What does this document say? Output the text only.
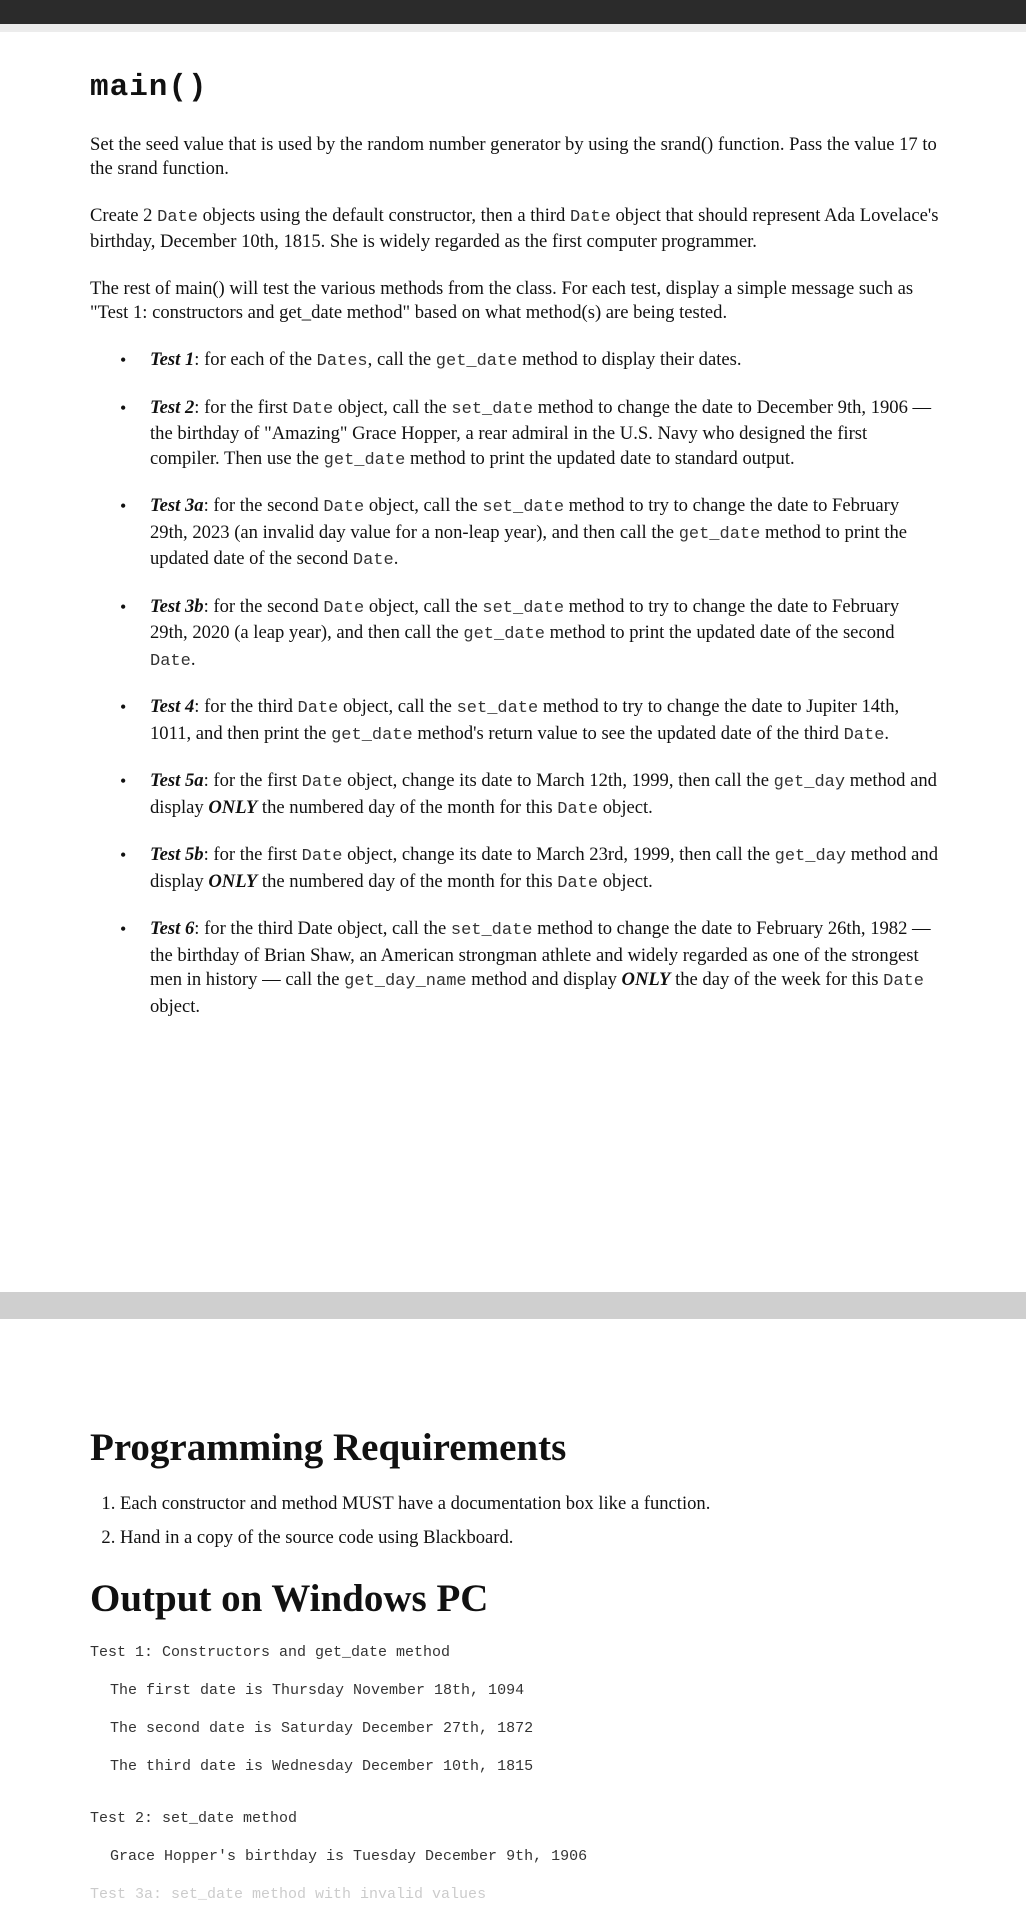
main()

Set the seed value that is used by the random number generator by using the srand() function. Pass the value 17 to the srand function.

Create 2 Date objects using the default constructor, then a third Date object that should represent Ada Lovelace's birthday, December 10th, 1815. She is widely regarded as the first computer programmer.

The rest of main() will test the various methods from the class. For each test, display a simple message such as "Test 1: constructors and get_date method" based on what method(s) are being tested.

• Test 1: for each of the Dates, call the get_date method to display their dates.
• Test 2: for the first Date object, call the set_date method to change the date to December 9th, 1906 — the birthday of "Amazing" Grace Hopper, a rear admiral in the U.S. Navy who designed the first compiler. Then use the get_date method to print the updated date to standard output.
• Test 3a: for the second Date object, call the set_date method to try to change the date to February 29th, 2023 (an invalid day value for a non-leap year), and then call the get_date method to print the updated date of the second Date.
• Test 3b: for the second Date object, call the set_date method to try to change the date to February 29th, 2020 (a leap year), and then call the get_date method to print the updated date of the second Date.
• Test 4: for the third Date object, call the set_date method to try to change the date to Jupiter 14th, 1011, and then print the get_date method's return value to see the updated date of the third Date.
• Test 5a: for the first Date object, change its date to March 12th, 1999, then call the get_day method and display ONLY the numbered day of the month for this Date object.
• Test 5b: for the first Date object, change its date to March 23rd, 1999, then call the get_day method and display ONLY the numbered day of the month for this Date object.
• Test 6: for the third Date object, call the set_date method to change the date to February 26th, 1982 — the birthday of Brian Shaw, an American strongman athlete and widely regarded as one of the strongest men in history — call the get_day_name method and display ONLY the day of the week for this Date object.
Programming Requirements
1. Each constructor and method MUST have a documentation box like a function.
2. Hand in a copy of the source code using Blackboard.
Output on Windows PC
Test 1: Constructors and get_date method
The first date is Thursday November 18th, 1094
The second date is Saturday December 27th, 1872
The third date is Wednesday December 10th, 1815
Test 2: set_date method
Grace Hopper's birthday is Tuesday December 9th, 1906
Test 3a: set_date method with invalid values
